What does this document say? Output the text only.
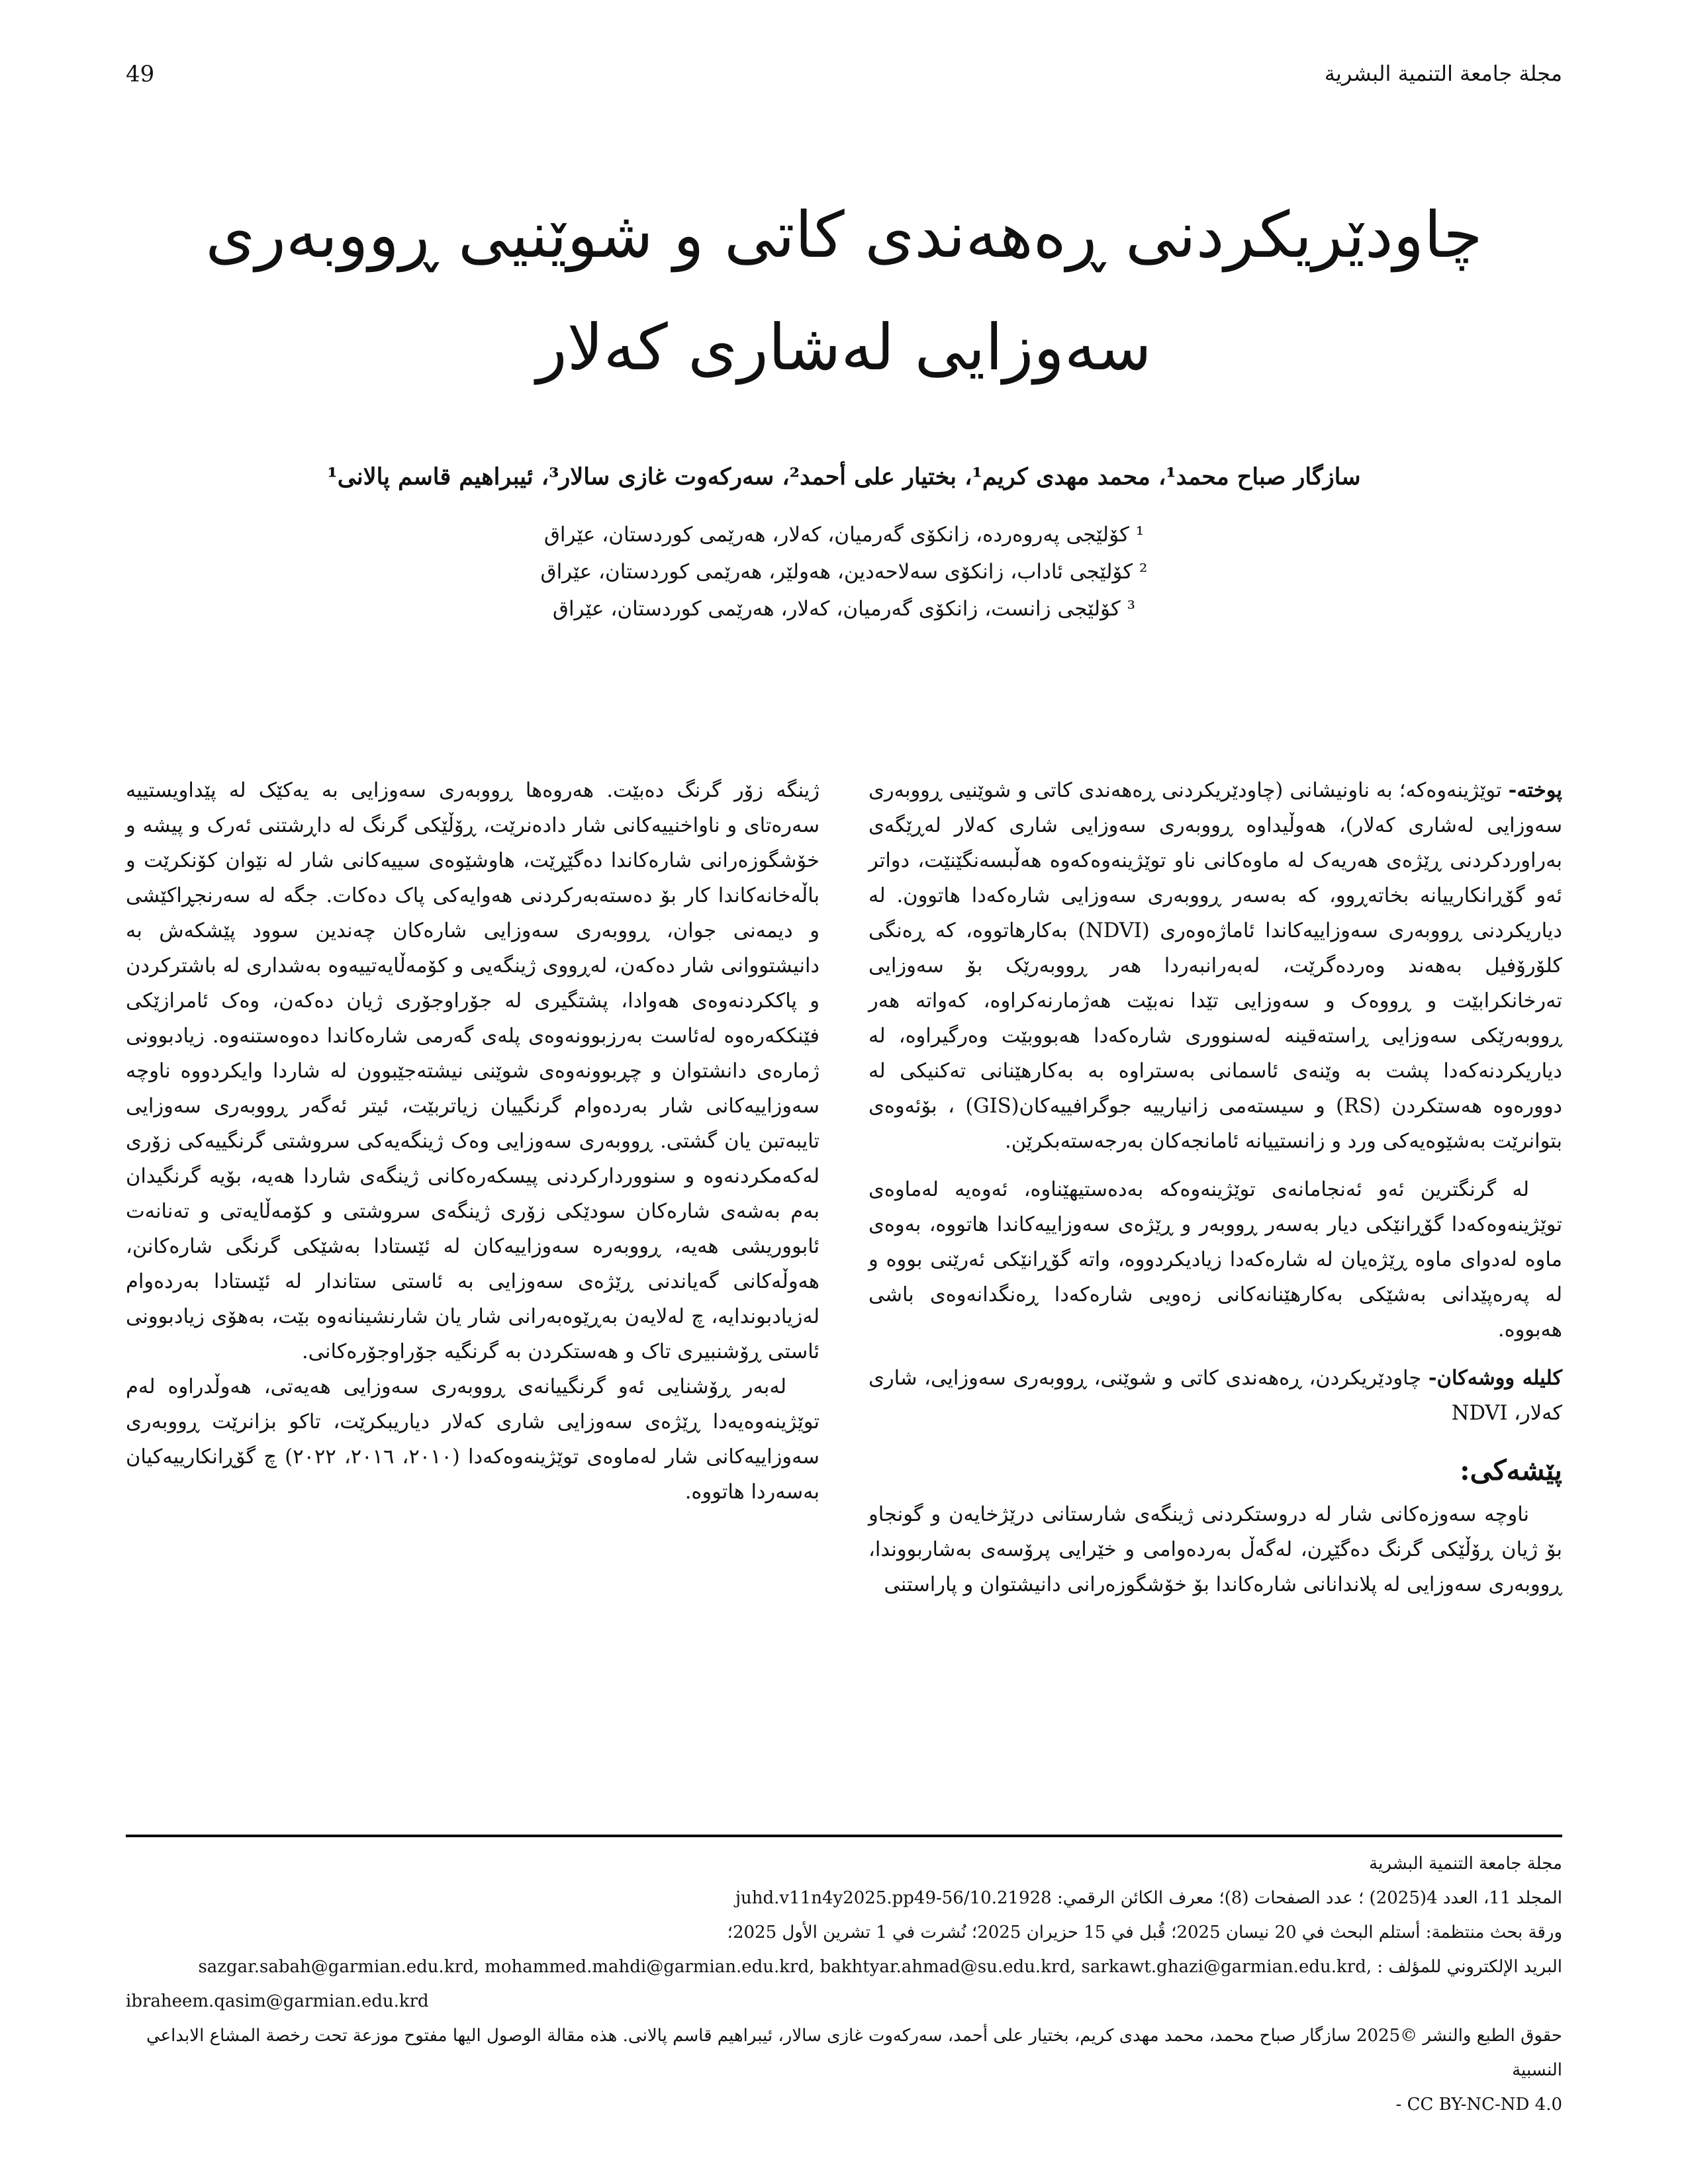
49	مجلة جامعة التنمية البشرية
چاودێریکردنی ڕەهەندی کاتی و شوێنیی ڕووبەری سەوزایی لەشاری کەلار
سازگار صباح محمد¹، محمد مهدی کریم¹، بختیار علی أحمد²، سەرکەوت غازی سالار³، ئیبراهیم قاسم پالانی¹
¹ کۆلێجی پەروەردە، زانکۆی گەرمیان، کەلار، هەرێمی کوردستان، عێراق
² کۆلێجی ئاداب، زانکۆی سەلاحەدین، هەولێر، هەرێمی کوردستان، عێراق
³ کۆلێجی زانست، زانکۆی گەرمیان، کەلار، هەرێمی کوردستان، عێراق

پوختە- توێژینەوەکە؛ بە ناونیشانی (چاودێریکردنی ڕەهەندی کاتی و شوێنیی ڕووبەری سەوزایی لەشاری کەلار)، هەوڵیداوە ڕووبەری سەوزایی شاری کەلار لەڕێگەی بەراوردکردنی ڕێژەی هەریەک لە ماوەکانی ناو توێژینەوەکەوە هەڵبسەنگێنێت، دواتر ئەو گۆڕانکارییانە بخاتەڕوو، کە بەسەر ڕووبەری سەوزایی شارەکەدا هاتوون. لە دیاریکردنی ڕووبەری سەوزاییەکاندا ئاماژەوەری (NDVI) بەکارهاتووە، کە ڕەنگی کلۆرۆفیل بەهەند وەردەگرێت، لەبەرانبەردا هەر ڕووبەرێک بۆ سەوزایی تەرخانکرابێت و ڕووەک و سەوزایی تێدا نەبێت هەژمارنەکراوە، کەواتە هەر ڕووبەرێکی سەوزایی ڕاستەقینە لەسنووری شارەکەدا هەبووبێت وەرگیراوە، لە دیاریکردنەکەدا پشت بە وێنەی ئاسمانی بەستراوە بە بەکارهێنانی تەکنیکی لە دوورەوە هەستکردن (RS) و سیستەمی زانیارییە جوگرافییەکان(GIS) ، بۆئەوەی بتوانرێت بەشێوەیەکی ورد و زانستییانە ئامانجەکان بەرجەستەبکرێن.

لە گرنگترین ئەو ئەنجامانەی توێژینەوەکە بەدەستیهێناوە، ئەوەیە لەماوەی توێژینەوەکەدا گۆڕانێکی دیار بەسەر ڕووبەر و ڕێژەی سەوزاییەکاندا هاتووە، بەوەی ماوە لەدوای ماوە ڕێژەیان لە شارەکەدا زیادیکردووە، واتە گۆڕانێکی ئەرێنی بووە و لە پەرەپێدانی بەشێکی بەکارهێنانەکانی زەویی شارەکەدا ڕەنگدانەوەی باشی هەبووە.

کلیلە ووشەکان- چاودێریکردن، ڕەهەندی کاتی و شوێنی، ڕووبەری سەوزایی، شاری کەلار، NDVI

پێشەکی:

ناوچە سەوزەکانی شار لە دروستکردنی ژینگەی شارستانی درێژخایەن و گونجاو بۆ ژیان ڕۆڵێکی گرنگ دەگێڕن، لەگەڵ بەردەوامی و خێرایی پرۆسەی بەشاربووندا، ڕووبەری سەوزایی لە پلاندانانی شارەکاندا بۆ خۆشگوزەرانی دانیشتوان و پاراستنی

ژینگە زۆر گرنگ دەبێت. هەروەها ڕووبەری سەوزایی بە یەکێک لە پێداویستییە سەرەتای و ناواخنییەکانی شار دادەنرێت، ڕۆڵێکی گرنگ لە داڕشتنی ئەرک و پیشە و خۆشگوزەرانی شارەکاندا دەگێڕێت، هاوشێوەی سییەکانی شار لە نێوان کۆنکرێت و باڵەخانەکاندا کار بۆ دەستەبەرکردنی هەوایەکی پاک دەکات. جگە لە سەرنجڕاکێشی و دیمەنی جوان، ڕووبەری سەوزایی شارەکان چەندین سوود پێشکەش بە دانیشتووانی شار دەکەن، لەڕووی ژینگەیی و کۆمەڵایەتییەوە بەشداری لە باشترکردن و پاککردنەوەی هەوادا، پشتگیری لە جۆراوجۆری ژیان دەکەن، وەک ئامرازێکی فێنککەرەوە لەئاست بەرزبوونەوەی پلەی گەرمی شارەکاندا دەوەستنەوە. زیادبوونی ژمارەی دانشتوان و چڕبوونەوەی شوێنی نیشتەجێبوون لە شاردا وایکردووە ناوچە سەوزاییەکانی شار بەردەوام گرنگییان زیاتربێت، ئیتر ئەگەر ڕووبەری سەوزایی تایبەتبن یان گشتی. ڕووبەری سەوزایی وەک ژینگەیەکی سروشتی گرنگییەکی زۆری لەکەمکردنەوە و سنووردارکردنی پیسکەرەکانی ژینگەی شاردا هەیە، بۆیە گرنگیدان بەم بەشەی شارەکان سودێکی زۆری ژینگەی سروشتی و کۆمەڵایەتی و تەنانەت ئابووریشی هەیە، ڕووبەرە سەوزاییەکان لە ئێستادا بەشێکی گرنگی شارەکانن، هەوڵەکانی گەیاندنی ڕێژەی سەوزایی بە ئاستی ستاندار لە ئێستادا بەردەوام لەزیادبوندایە، چ لەلایەن بەڕێوەبەرانی شار یان شارنشینانەوە بێت، بەهۆی زیادبوونی ئاستی ڕۆشنبیری تاک و هەستکردن بە گرنگیە جۆراوجۆرەکانی.

لەبەر ڕۆشنایی ئەو گرنگییانەی ڕووبەری سەوزایی هەیەتی، هەوڵدراوە لەم توێژینەوەیەدا ڕێژەی سەوزایی شاری کەلار دیاریبکرێت، تاکو بزانرێت ڕووبەری سەوزاییەکانی شار لەماوەی توێژینەوەکەدا (٢٠١٠، ٢٠١٦، ٢٠٢٢) چ گۆڕانکارییەکیان بەسەردا هاتووە.

مجلة جامعة التنمية البشرية

المجلد 11، العدد 4(2025) ؛ عدد الصفحات (8)؛ معرف الكائن الرقمي: 10.21928/juhd.v11n4y2025.pp49-56

ورقة بحث منتظمة: أستلم البحث في 20 نيسان 2025؛ قُبل في 15 حزيران 2025؛ نُشرت في 1 تشرين الأول 2025؛

البريد الإلكتروني للمؤلف : sazgar.sabah@garmian.edu.krd, mohammed.mahdi@garmian.edu.krd, bakhtyar.ahmad@su.edu.krd, sarkawt.ghazi@garmian.edu.krd,

ibraheem.qasim@garmian.edu.krd

حقوق الطبع والنشر ©2025 سازگار صباح محمد، محمد مهدی کریم، بختیار علی أحمد، سەرکەوت غازی سالار، ئیبراهیم قاسم پالانی. هذه مقالة الوصول اليها مفتوح موزعة تحت رخصة المشاع الابداعي النسبية

CC BY-NC-ND 4.0 -
